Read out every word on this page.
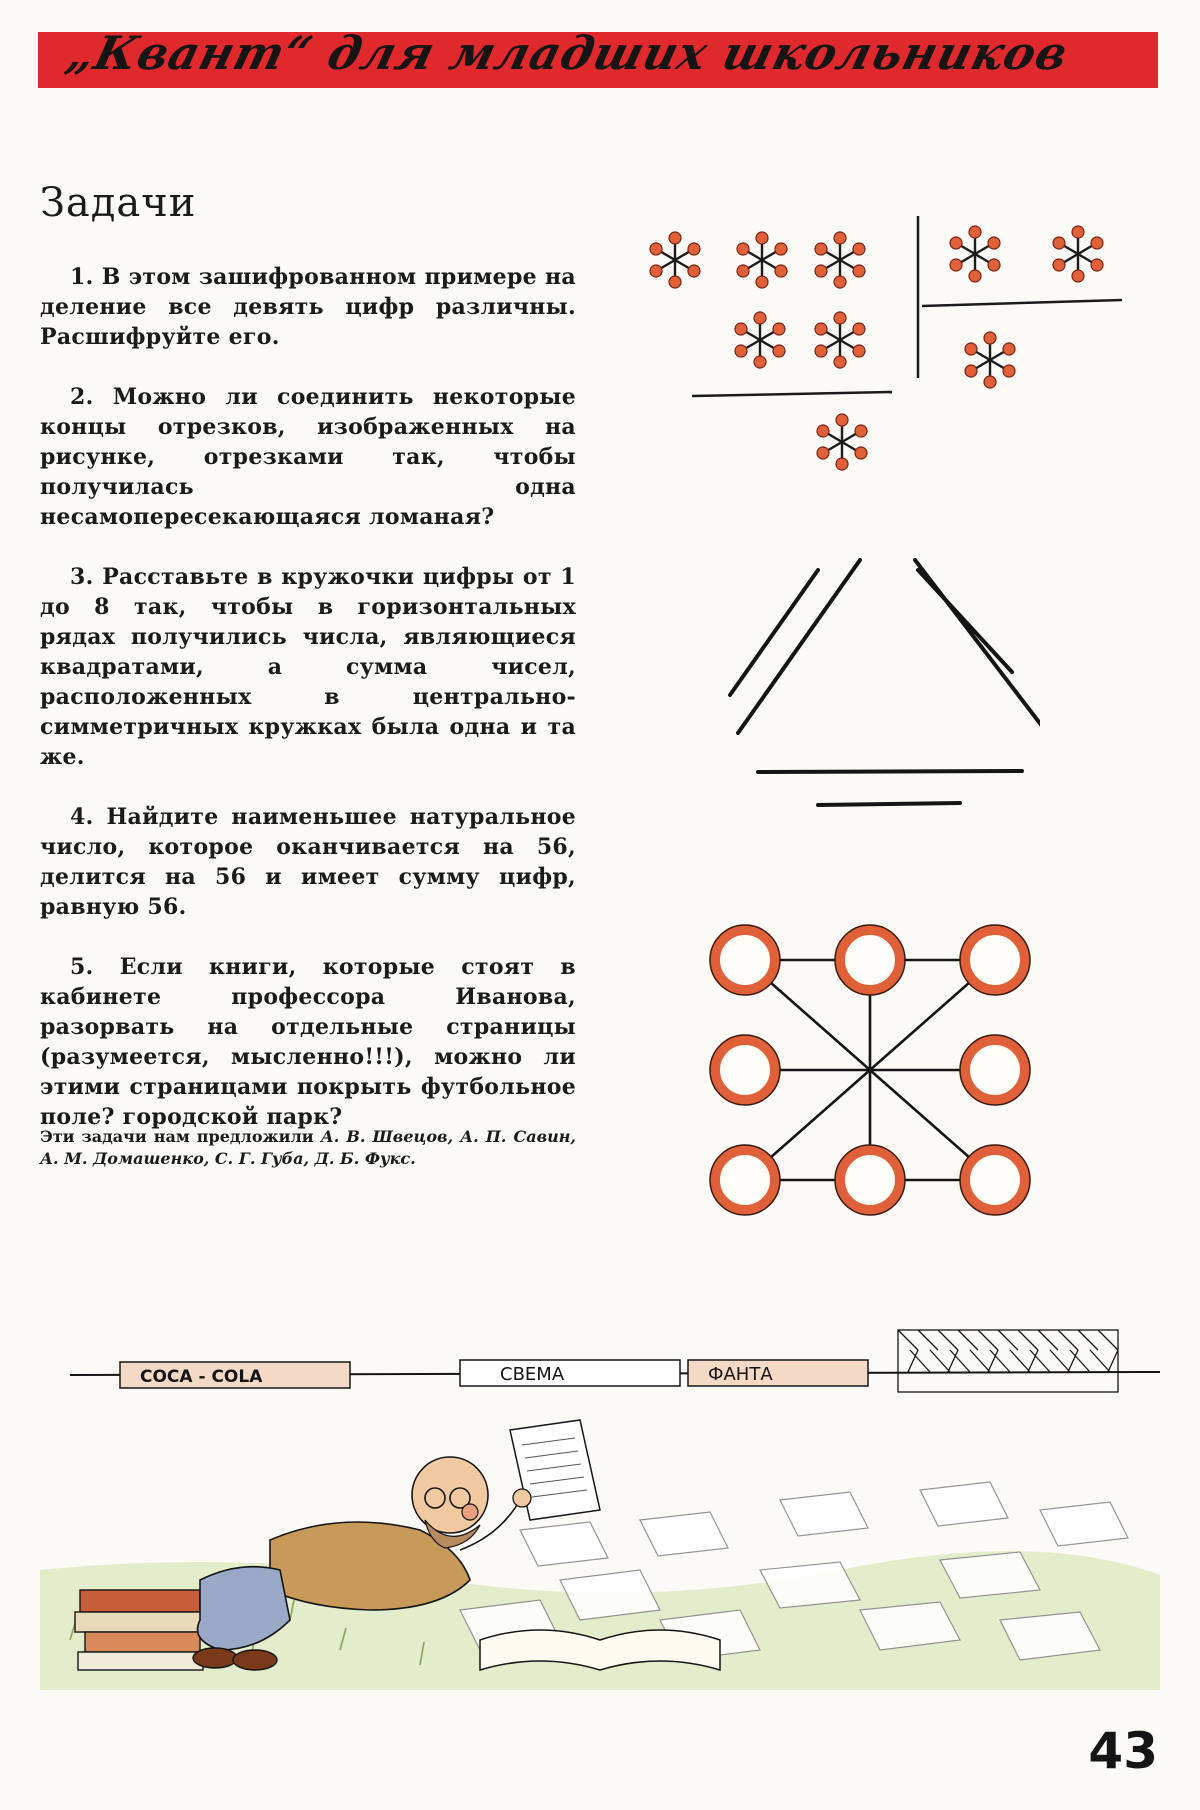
„Квант“ для младших школьников
Задачи

1. В этом зашифрованном примере на деление все девять цифр различны. Расшифруйте его.

2. Можно ли соединить некоторые концы отрезков, изображенных на рисунке, отрезками так, чтобы получилась одна несамопересекающаяся ломаная?

3. Расставьте в кружочки цифры от 1 до 8 так, чтобы в горизонтальных рядах получились числа, являющиеся квадратами, а сумма чисел, расположенных в центрально-симметричных кружках была одна и та же.

4. Найдите наименьшее натуральное число, которое оканчивается на 56, делится на 56 и имеет сумму цифр, равную 56.

5. Если книги, которые стоят в кабинете профессора Иванова, разорвать на отдельные страницы (разумеется, мысленно!!!), можно ли этими страницами покрыть футбольное поле? городской парк?

Эти задачи нам предложили А. В. Швецов, А. П. Савин, А. М. Домашенко, С. Г. Губа, Д. Б. Фукс.
COCA - COLA	СВЕМА	ФАНТА
43
